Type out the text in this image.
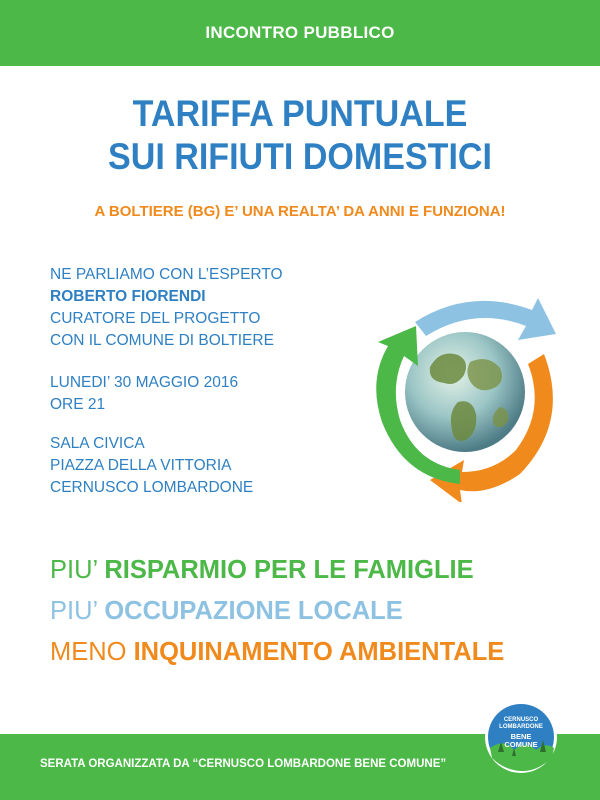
INCONTRO PUBBLICO
TARIFFA PUNTUALE
SUI RIFIUTI DOMESTICI
A BOLTIERE (BG) E’ UNA REALTA’ DA ANNI E FUNZIONA!
NE PARLIAMO CON L’ESPERTO
ROBERTO FIORENDI
CURATORE DEL PROGETTO
CON IL COMUNE DI BOLTIERE
LUNEDI’ 30 MAGGIO 2016
ORE 21
SALA CIVICA
PIAZZA DELLA VITTORIA
CERNUSCO LOMBARDONE
PIU’ RISPARMIO PER LE FAMIGLIE
PIU’ OCCUPAZIONE LOCALE
MENO INQUINAMENTO AMBIENTALE
SERATA ORGANIZZATA DA “CERNUSCO LOMBARDONE BENE COMUNE”
CERNUSCO
LOMBARDONE
BENE
COMUNE
